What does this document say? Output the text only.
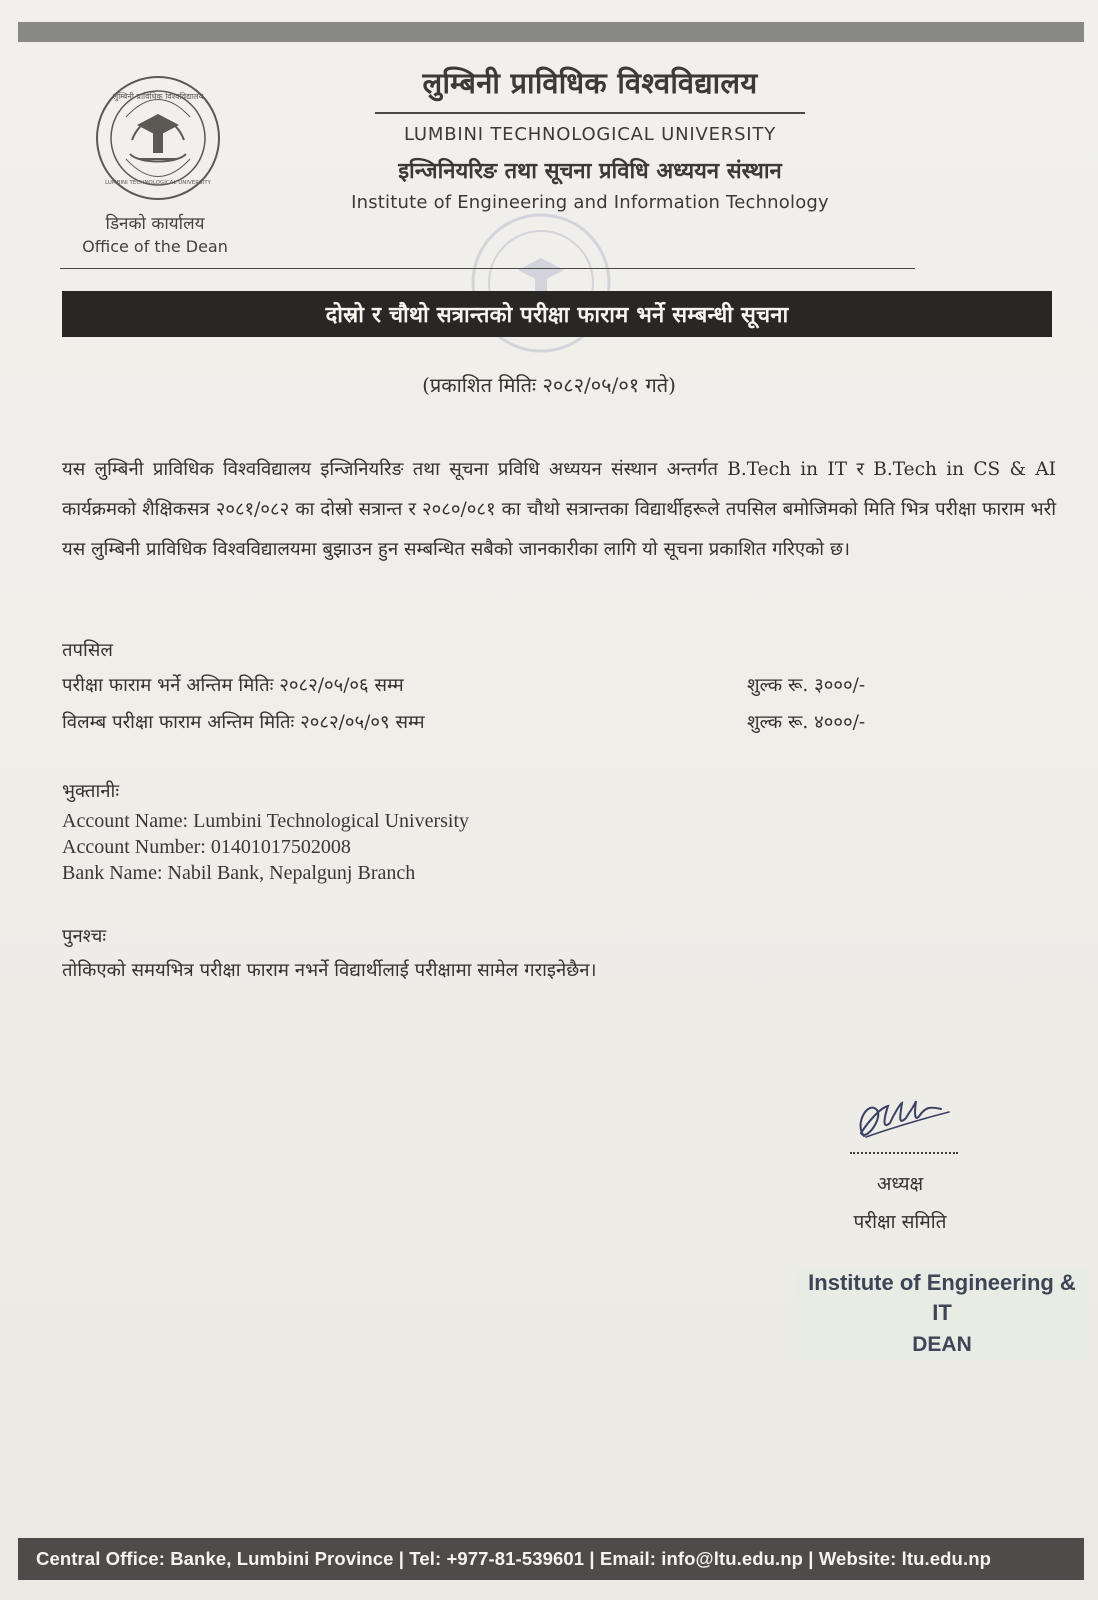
लुम्बिनी प्राविधिक विश्वविद्यालय
LUMBINI TECHNOLOGICAL UNIVERSITY
डिनको कार्यालय
Office of the Dean
लुम्बिनी प्राविधिक विश्वविद्यालय
LUMBINI TECHNOLOGICAL UNIVERSITY
इन्जिनियरिङ तथा सूचना प्रविधि अध्ययन संस्थान
Institute of Engineering and Information Technology
दोस्रो र चौथो सत्रान्तको परीक्षा फाराम भर्ने सम्बन्धी सूचना
(प्रकाशित मितिः २०८२/०५/०१ गते)
यस लुम्बिनी प्राविधिक विश्वविद्यालय इन्जिनियरिङ तथा सूचना प्रविधि अध्ययन संस्थान अन्तर्गत B.Tech in IT र B.Tech in CS & AI कार्यक्रमको शैक्षिकसत्र २०८१/०८२ का दोस्रो सत्रान्त र २०८०/०८१ का चौथो सत्रान्तका विद्यार्थीहरूले तपसिल बमोजिमको मिति भित्र परीक्षा फाराम भरी यस लुम्बिनी प्राविधिक विश्वविद्यालयमा बुझाउन हुन सम्बन्धित सबैको जानकारीका लागि यो सूचना प्रकाशित गरिएको छ।
तपसिल
परीक्षा फाराम भर्ने अन्तिम मितिः २०८२/०५/०६ सम्म	शुल्क रू. ३०००/-
विलम्ब परीक्षा फाराम अन्तिम मितिः २०८२/०५/०९ सम्म	शुल्क रू. ४०००/-
भुक्तानीः
Account Name: Lumbini Technological University
Account Number: 01401017502008
Bank Name: Nabil Bank, Nepalgunj Branch
पुनश्चः
तोकिएको समयभित्र परीक्षा फाराम नभर्ने विद्यार्थीलाई परीक्षामा सामेल गराइनेछैन।
अध्यक्ष
परीक्षा समिति
Institute of Engineering & IT
DEAN
Central Office: Banke, Lumbini Province | Tel: +977-81-539601 | Email: info@ltu.edu.np | Website: ltu.edu.np
